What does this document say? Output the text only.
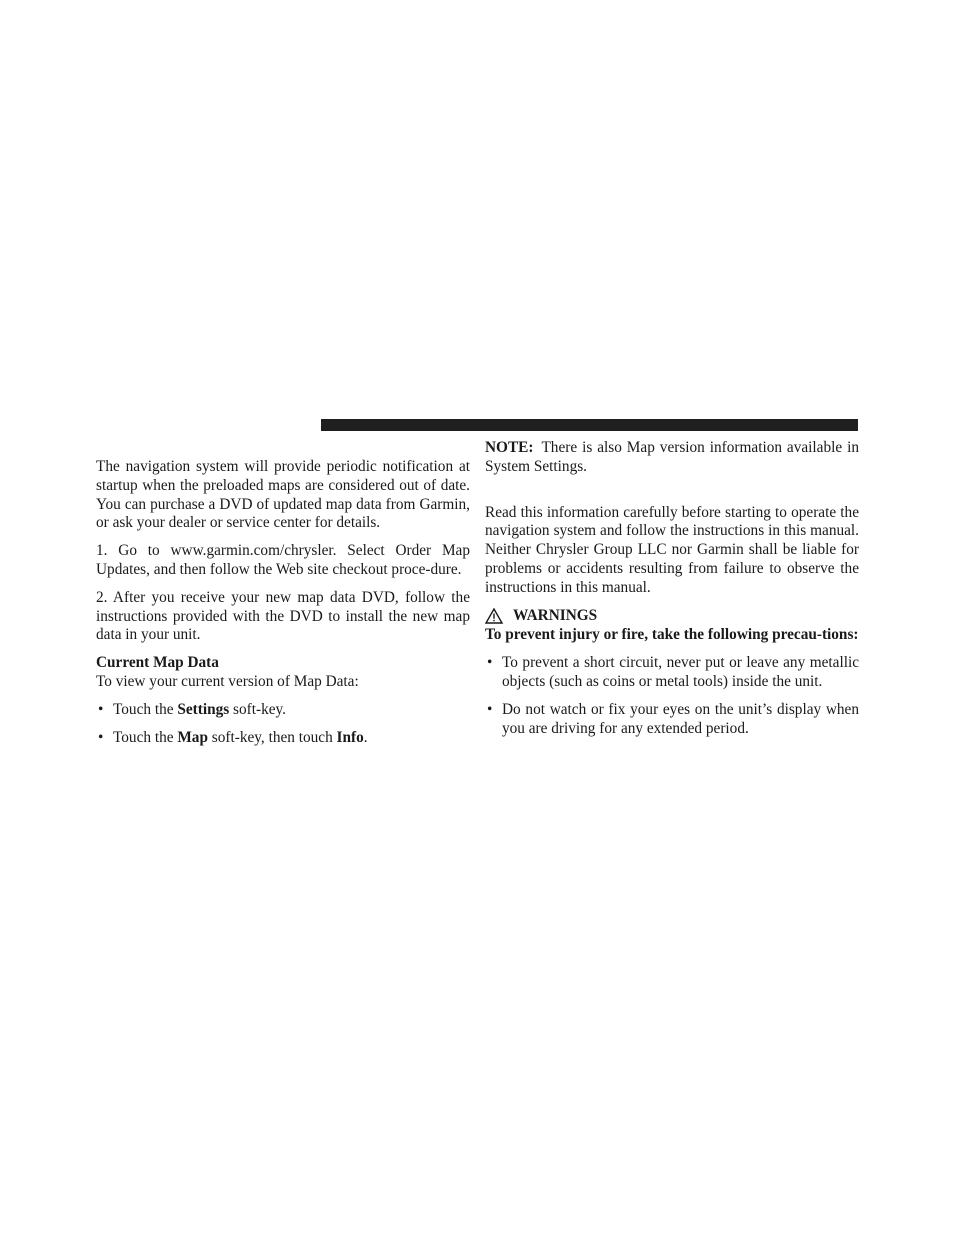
The navigation system will provide periodic notification at startup when the preloaded maps are considered out of date. You can purchase a DVD of updated map data from Garmin, or ask your dealer or service center for details.

1. Go to www.garmin.com/chrysler. Select Order Map Updates, and then follow the Web site checkout proce-dure.

2. After you receive your new map data DVD, follow the instructions provided with the DVD to install the new map data in your unit.

Current Map Data

To view your current version of Map Data:

• Touch the Settings soft-key.
• Touch the Map soft-key, then touch Info.

NOTE: There is also Map version information available in System Settings.

Read this information carefully before starting to operate the navigation system and follow the instructions in this manual. Neither Chrysler Group LLC nor Garmin shall be liable for problems or accidents resulting from failure to observe the instructions in this manual.

WARNINGS

To prevent injury or fire, take the following precau-tions:

• To prevent a short circuit, never put or leave any metallic objects (such as coins or metal tools) inside the unit.
• Do not watch or fix your eyes on the unit’s display when you are driving for any extended period.
